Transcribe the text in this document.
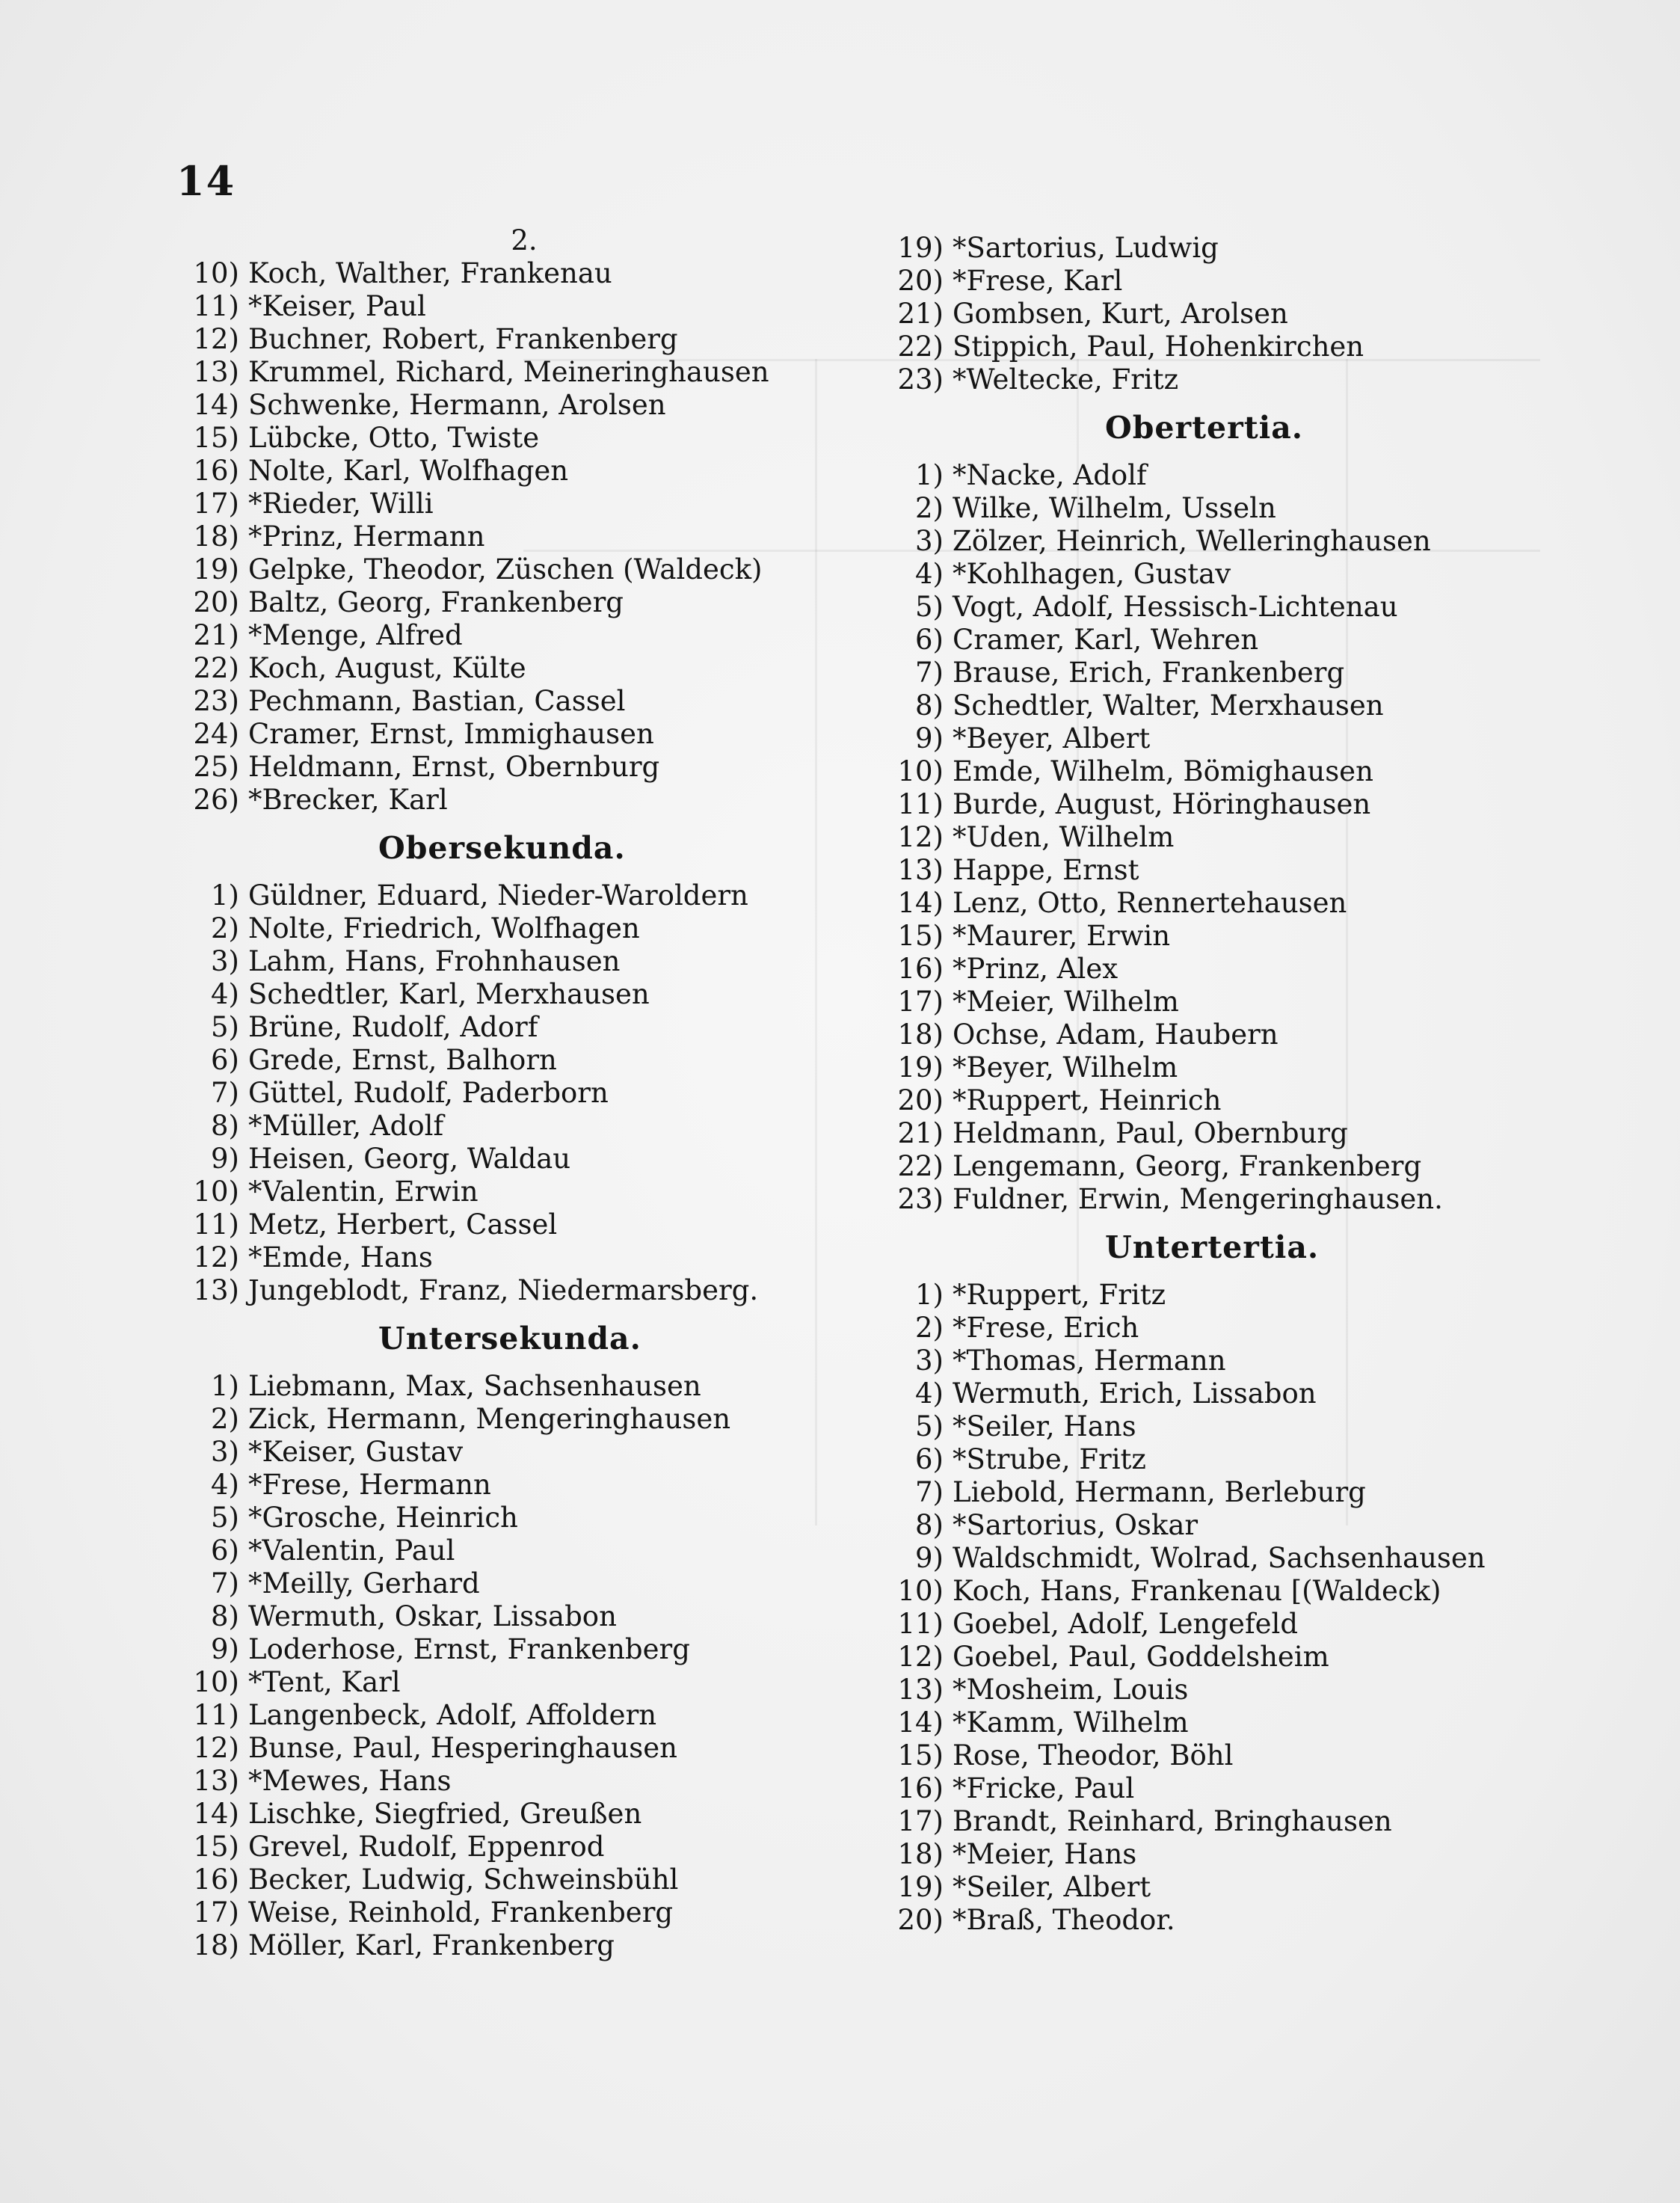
14
2.
10) Koch, Walther, Frankenau
11) *Keiser, Paul
12) Buchner, Robert, Frankenberg
13) Krummel, Richard, Meineringhausen
14) Schwenke, Hermann, Arolsen
15) Lübcke, Otto, Twiste
16) Nolte, Karl, Wolfhagen
17) *Rieder, Willi
18) *Prinz, Hermann
19) Gelpke, Theodor, Züschen (Waldeck)
20) Baltz, Georg, Frankenberg
21) *Menge, Alfred
22) Koch, August, Külte
23) Pechmann, Bastian, Cassel
24) Cramer, Ernst, Immighausen
25) Heldmann, Ernst, Obernburg
26) *Brecker, Karl
Obersekunda.
1) Güldner, Eduard, Nieder-Waroldern
2) Nolte, Friedrich, Wolfhagen
3) Lahm, Hans, Frohnhausen
4) Schedtler, Karl, Merxhausen
5) Brüne, Rudolf, Adorf
6) Grede, Ernst, Balhorn
7) Güttel, Rudolf, Paderborn
8) *Müller, Adolf
9) Heisen, Georg, Waldau
10) *Valentin, Erwin
11) Metz, Herbert, Cassel
12) *Emde, Hans
13) Jungeblodt, Franz, Niedermarsberg.
Untersekunda.
1) Liebmann, Max, Sachsenhausen
2) Zick, Hermann, Mengeringhausen
3) *Keiser, Gustav
4) *Frese, Hermann
5) *Grosche, Heinrich
6) *Valentin, Paul
7) *Meilly, Gerhard
8) Wermuth, Oskar, Lissabon
9) Loderhose, Ernst, Frankenberg
10) *Tent, Karl
11) Langenbeck, Adolf, Affoldern
12) Bunse, Paul, Hesperinghausen
13) *Mewes, Hans
14) Lischke, Siegfried, Greußen
15) Grevel, Rudolf, Eppenrod
16) Becker, Ludwig, Schweinsbühl
17) Weise, Reinhold, Frankenberg
18) Möller, Karl, Frankenberg
19) *Sartorius, Ludwig
20) *Frese, Karl
21) Gombsen, Kurt, Arolsen
22) Stippich, Paul, Hohenkirchen
23) *Weltecke, Fritz
Obertertia.
1) *Nacke, Adolf
2) Wilke, Wilhelm, Usseln
3) Zölzer, Heinrich, Welleringhausen
4) *Kohlhagen, Gustav
5) Vogt, Adolf, Hessisch-Lichtenau
6) Cramer, Karl, Wehren
7) Brause, Erich, Frankenberg
8) Schedtler, Walter, Merxhausen
9) *Beyer, Albert
10) Emde, Wilhelm, Bömighausen
11) Burde, August, Höringhausen
12) *Uden, Wilhelm
13) Happe, Ernst
14) Lenz, Otto, Rennertehausen
15) *Maurer, Erwin
16) *Prinz, Alex
17) *Meier, Wilhelm
18) Ochse, Adam, Haubern
19) *Beyer, Wilhelm
20) *Ruppert, Heinrich
21) Heldmann, Paul, Obernburg
22) Lengemann, Georg, Frankenberg
23) Fuldner, Erwin, Mengeringhausen.
Untertertia.
1) *Ruppert, Fritz
2) *Frese, Erich
3) *Thomas, Hermann
4) Wermuth, Erich, Lissabon
5) *Seiler, Hans
6) *Strube, Fritz
7) Liebold, Hermann, Berleburg
8) *Sartorius, Oskar
9) Waldschmidt, Wolrad, Sachsenhausen
10) Koch, Hans, Frankenau [(Waldeck)
11) Goebel, Adolf, Lengefeld
12) Goebel, Paul, Goddelsheim
13) *Mosheim, Louis
14) *Kamm, Wilhelm
15) Rose, Theodor, Böhl
16) *Fricke, Paul
17) Brandt, Reinhard, Bringhausen
18) *Meier, Hans
19) *Seiler, Albert
20) *Braß, Theodor.
